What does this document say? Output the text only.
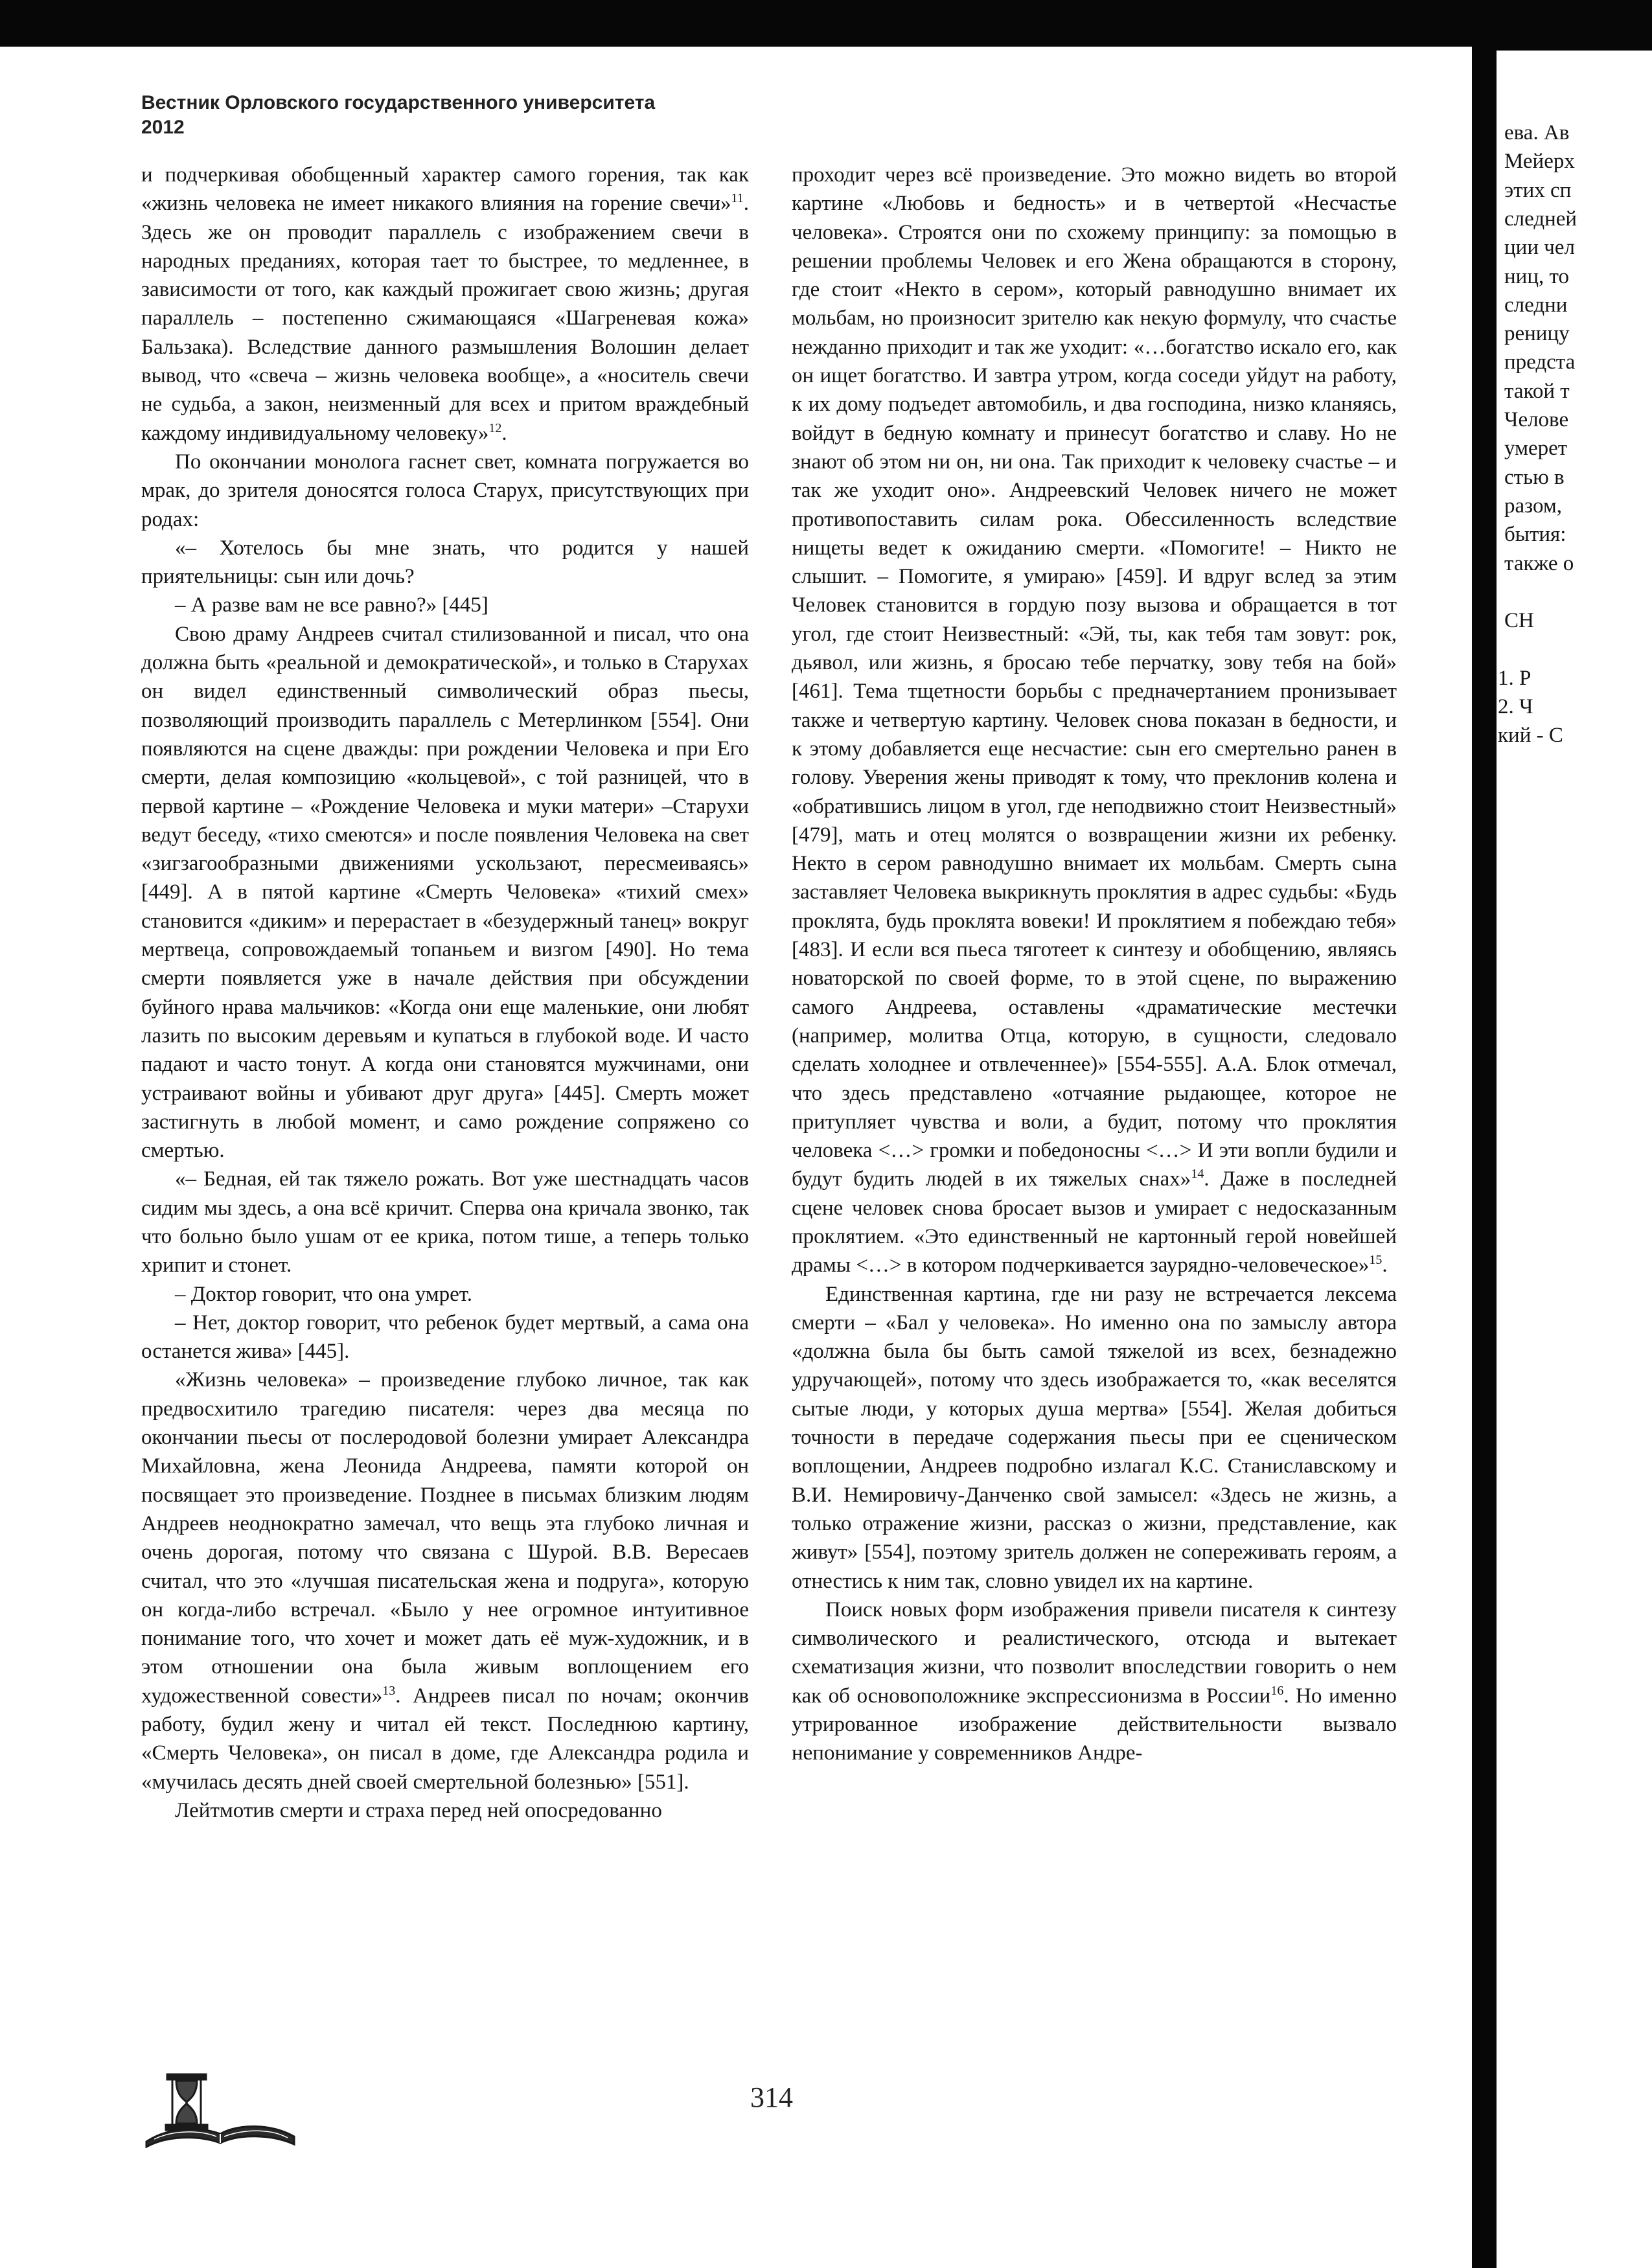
ева. Ав
Мейерх
этих сп
следней
ции чел
ниц, то
следни
реницу
предста
такой т
Челове
умерет
стью в
разом,
бытия:
также о
СН
1. Р
2. Ч
кий - С
Вестник Орловского государственного университета
2012

и подчеркивая обобщенный характер самого горения, так как «жизнь человека не имеет никакого влияния на горение свечи»$^{11}$. Здесь же он проводит параллель с изображением свечи в народных преданиях, которая тает то быстрее, то медленнее, в зависимости от того, как каждый прожигает свою жизнь; другая параллель – постепенно сжимающаяся «Шагреневая кожа» Бальзака). Вследствие данного размышления Волошин делает вывод, что «свеча – жизнь человека вообще», а «носитель свечи не судьба, а закон, неизменный для всех и притом враждебный каждому индивидуальному человеку»$^{12}$.

По окончании монолога гаснет свет, комната погружается во мрак, до зрителя доносятся голоса Старух, присутствующих при родах:

«– Хотелось бы мне знать, что родится у нашей приятельницы: сын или дочь?

– А разве вам не все равно?» [445]

Свою драму Андреев считал стилизованной и писал, что она должна быть «реальной и демократической», и только в Старухах он видел единственный символический образ пьесы, позволяющий производить параллель с Метерлинком [554]. Они появляются на сцене дважды: при рождении Человека и при Его смерти, делая композицию «кольцевой», с той разницей, что в первой картине – «Рождение Человека и муки матери» –Старухи ведут беседу, «тихо смеются» и после появления Человека на свет «зигзагообразными движениями ускользают, пересмеиваясь» [449]. А в пятой картине «Смерть Человека» «тихий смех» становится «диким» и перерастает в «безудержный танец» вокруг мертвеца, сопровождаемый топаньем и визгом [490]. Но тема смерти появляется уже в начале действия при обсуждении буйного нрава мальчиков: «Когда они еще маленькие, они любят лазить по высоким деревьям и купаться в глубокой воде. И часто падают и часто тонут. А когда они становятся мужчинами, они устраивают войны и убивают друг друга» [445]. Смерть может застигнуть в любой момент, и само рождение сопряжено со смертью.

«– Бедная, ей так тяжело рожать. Вот уже шестнадцать часов сидим мы здесь, а она всё кричит. Сперва она кричала звонко, так что больно было ушам от ее крика, потом тише, а теперь только хрипит и стонет.

– Доктор говорит, что она умрет.

– Нет, доктор говорит, что ребенок будет мертвый, а сама она останется жива» [445].

«Жизнь человека» – произведение глубоко личное, так как предвосхитило трагедию писателя: через два месяца по окончании пьесы от послеродовой болезни умирает Александра Михайловна, жена Леонида Андреева, памяти которой он посвящает это произведение. Позднее в письмах близким людям Андреев неоднократно замечал, что вещь эта глубоко личная и очень дорогая, потому что связана с Шурой. В.В. Вересаев считал, что это «лучшая писательская жена и подруга», которую он когда-либо встречал. «Было у нее огромное интуитивное понимание того, что хочет и может дать её муж-художник, и в этом отношении она была живым воплощением его художественной совести»$^{13}$. Андреев писал по ночам; окончив работу, будил жену и читал ей текст. Последнюю картину, «Смерть Человека», он писал в доме, где Александра родила и «мучилась десять дней своей смертельной болезнью» [551].

Лейтмотив смерти и страха перед ней опосредованно

проходит через всё произведение. Это можно видеть во второй картине «Любовь и бедность» и в четвертой «Несчастье человека». Строятся они по схожему принципу: за помощью в решении проблемы Человек и его Жена обращаются в сторону, где стоит «Некто в сером», который равнодушно внимает их мольбам, но произносит зрителю как некую формулу, что счастье нежданно приходит и так же уходит: «…богатство искало его, как он ищет богатство. И завтра утром, когда соседи уйдут на работу, к их дому подъедет автомобиль, и два господина, низко кланяясь, войдут в бедную комнату и принесут богатство и славу. Но не знают об этом ни он, ни она. Так приходит к человеку счастье – и так же уходит оно». Андреевский Человек ничего не может противопоставить силам рока. Обессиленность вследствие нищеты ведет к ожиданию смерти. «Помогите! – Никто не слышит. – Помогите, я умираю» [459]. И вдруг вслед за этим Человек становится в гордую позу вызова и обращается в тот угол, где стоит Неизвестный: «Эй, ты, как тебя там зовут: рок, дьявол, или жизнь, я бросаю тебе перчатку, зову тебя на бой» [461]. Тема тщетности борьбы с предначертанием пронизывает также и четвертую картину. Человек снова показан в бедности, и к этому добавляется еще несчастие: сын его смертельно ранен в голову. Уверения жены приводят к тому, что преклонив колена и «обратившись лицом в угол, где неподвижно стоит Неизвестный» [479], мать и отец молятся о возвращении жизни их ребенку. Некто в сером равнодушно внимает их мольбам. Смерть сына заставляет Человека выкрикнуть проклятия в адрес судьбы: «Будь проклята, будь проклята вовеки! И проклятием я побеждаю тебя» [483]. И если вся пьеса тяготеет к синтезу и обобщению, являясь новаторской по своей форме, то в этой сцене, по выражению самого Андреева, оставлены «драматические местечки (например, молитва Отца, которую, в сущности, следовало сделать холоднее и отвлеченнее)» [554-555]. А.А. Блок отмечал, что здесь представлено «отчаяние рыдающее, которое не притупляет чувства и воли, а будит, потому что проклятия человека <…> громки и победоносны <…> И эти вопли будили и будут будить людей в их тяжелых снах»$^{14}$. Даже в последней сцене человек снова бросает вызов и умирает с недосказанным проклятием. «Это единственный не картонный герой новейшей драмы <…> в котором подчеркивается заурядно-человеческое»$^{15}$.

Единственная картина, где ни разу не встречается лексема смерти – «Бал у человека». Но именно она по замыслу автора «должна была бы быть самой тяжелой из всех, безнадежно удручающей», потому что здесь изображается то, «как веселятся сытые люди, у которых душа мертва» [554]. Желая добиться точности в передаче содержания пьесы при ее сценическом воплощении, Андреев подробно излагал К.С. Станиславскому и В.И. Немировичу-Данченко свой замысел: «Здесь не жизнь, а только отражение жизни, рассказ о жизни, представление, как живут» [554], поэтому зритель должен не сопереживать героям, а отнестись к ним так, словно увидел их на картине.

Поиск новых форм изображения привели писателя к синтезу символического и реалистического, отсюда и вытекает схематизация жизни, что позволит впоследствии говорить о нем как об основоположнике экспрессионизма в России$^{16}$. Но именно утрированное изображение действительности вызвало непонимание у современников Андре-

314
